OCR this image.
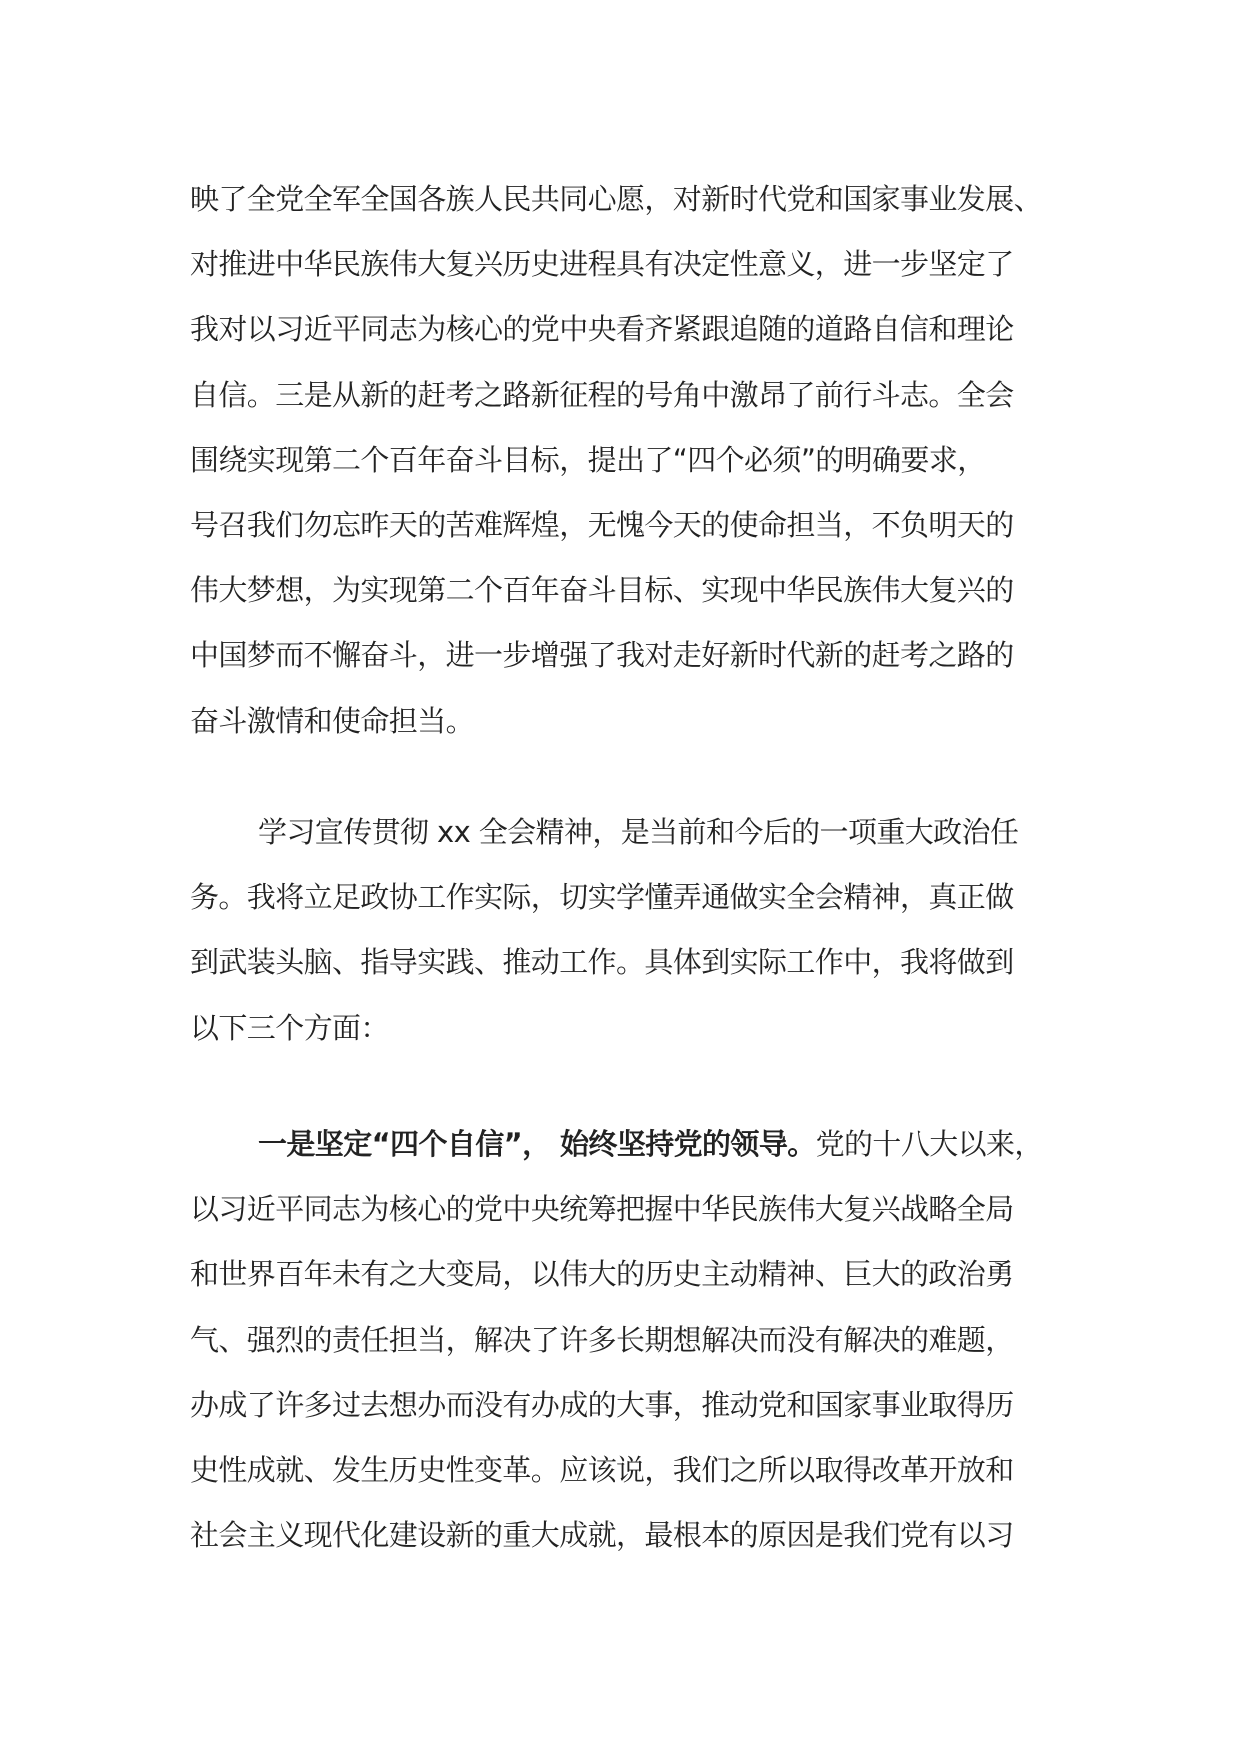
映了全党全军全国各族人民共同心愿，对新时代党和国家事业发展、
对推进中华民族伟大复兴历史进程具有决定性意义，进一步坚定了
我对以习近平同志为核心的党中央看齐紧跟追随的道路自信和理论
自信。三是从新的赶考之路新征程的号角中激昂了前行斗志。全会
围绕实现第二个百年奋斗目标，提出了“四个必须”的明确要求，
号召我们勿忘昨天的苦难辉煌，无愧今天的使命担当，不负明天的
伟大梦想，为实现第二个百年奋斗目标、实现中华民族伟大复兴的
中国梦而不懈奋斗，进一步增强了我对走好新时代新的赶考之路的
奋斗激情和使命担当。
学习宣传贯彻 xx 全会精神，是当前和今后的一项重大政治任
务。我将立足政协工作实际，切实学懂弄通做实全会精神，真正做
到武装头脑、指导实践、推动工作。具体到实际工作中，我将做到
以下三个方面：
一是坚定“四个自信”， 始终坚持党的领导。党的十八大以来，
以习近平同志为核心的党中央统筹把握中华民族伟大复兴战略全局
和世界百年未有之大变局，以伟大的历史主动精神、巨大的政治勇
气、强烈的责任担当，解决了许多长期想解决而没有解决的难题，
办成了许多过去想办而没有办成的大事，推动党和国家事业取得历
史性成就、发生历史性变革。应该说，我们之所以取得改革开放和
社会主义现代化建设新的重大成就，最根本的原因是我们党有以习
